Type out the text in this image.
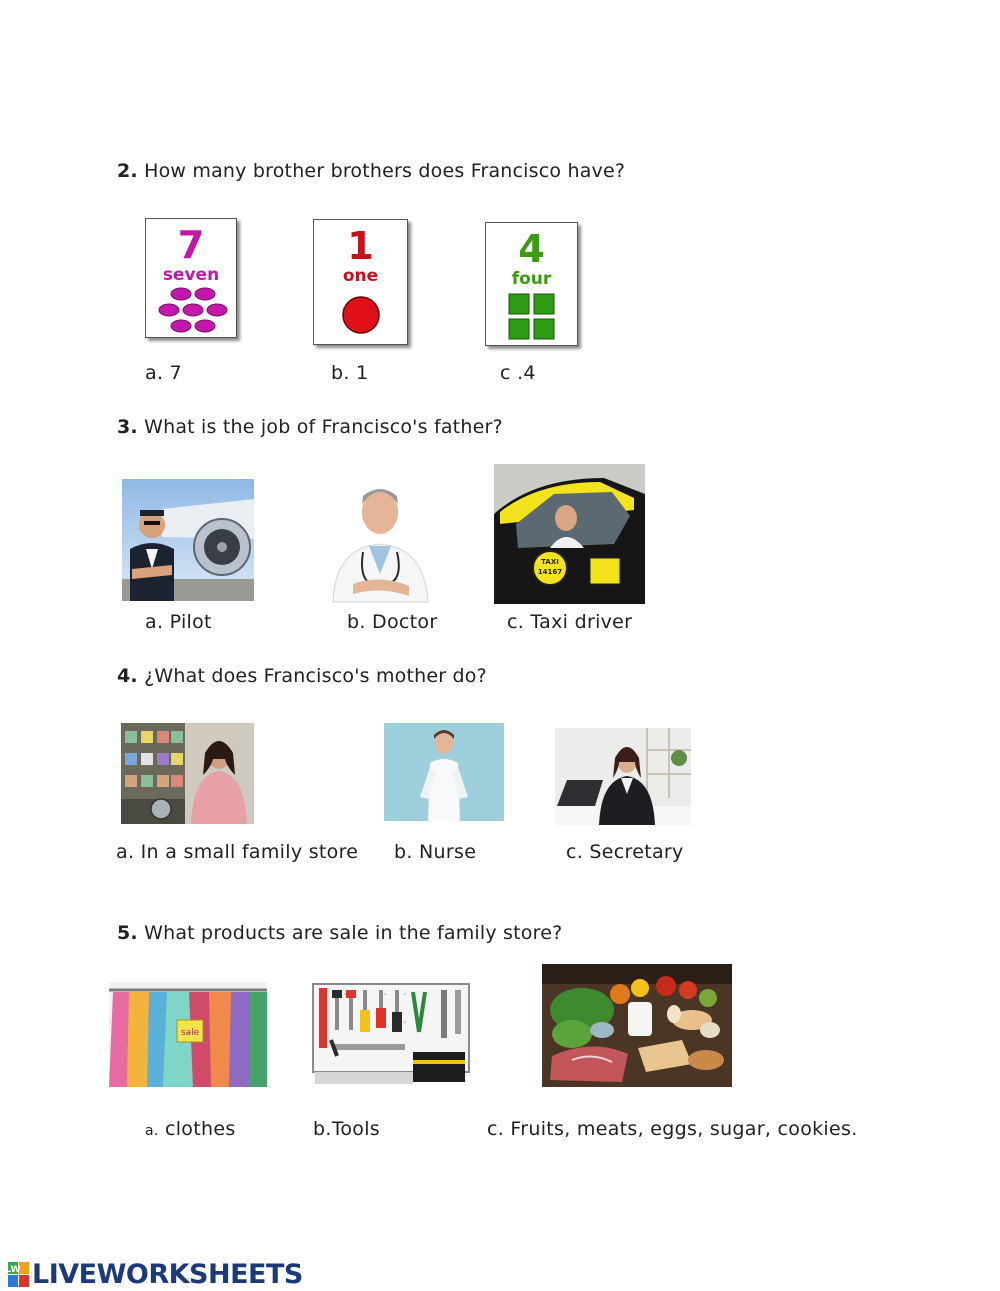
2. How many brother brothers does Francisco have?
7
seven
1
one
4
four
a. 7	b. 1	c .4
3. What is the job of Francisco's father?
TAXI
14167
a. Pilot	b. Doctor	c. Taxi driver
4. ¿What does Francisco's mother do?
a. In a small family store b. Nurse	c. Secretary
5. What products are sale in the family store?
sale
a. clothes	b.Tools	c. Fruits, meats, eggs, sugar, cookies.
LW LIVEWORKSHEETS
